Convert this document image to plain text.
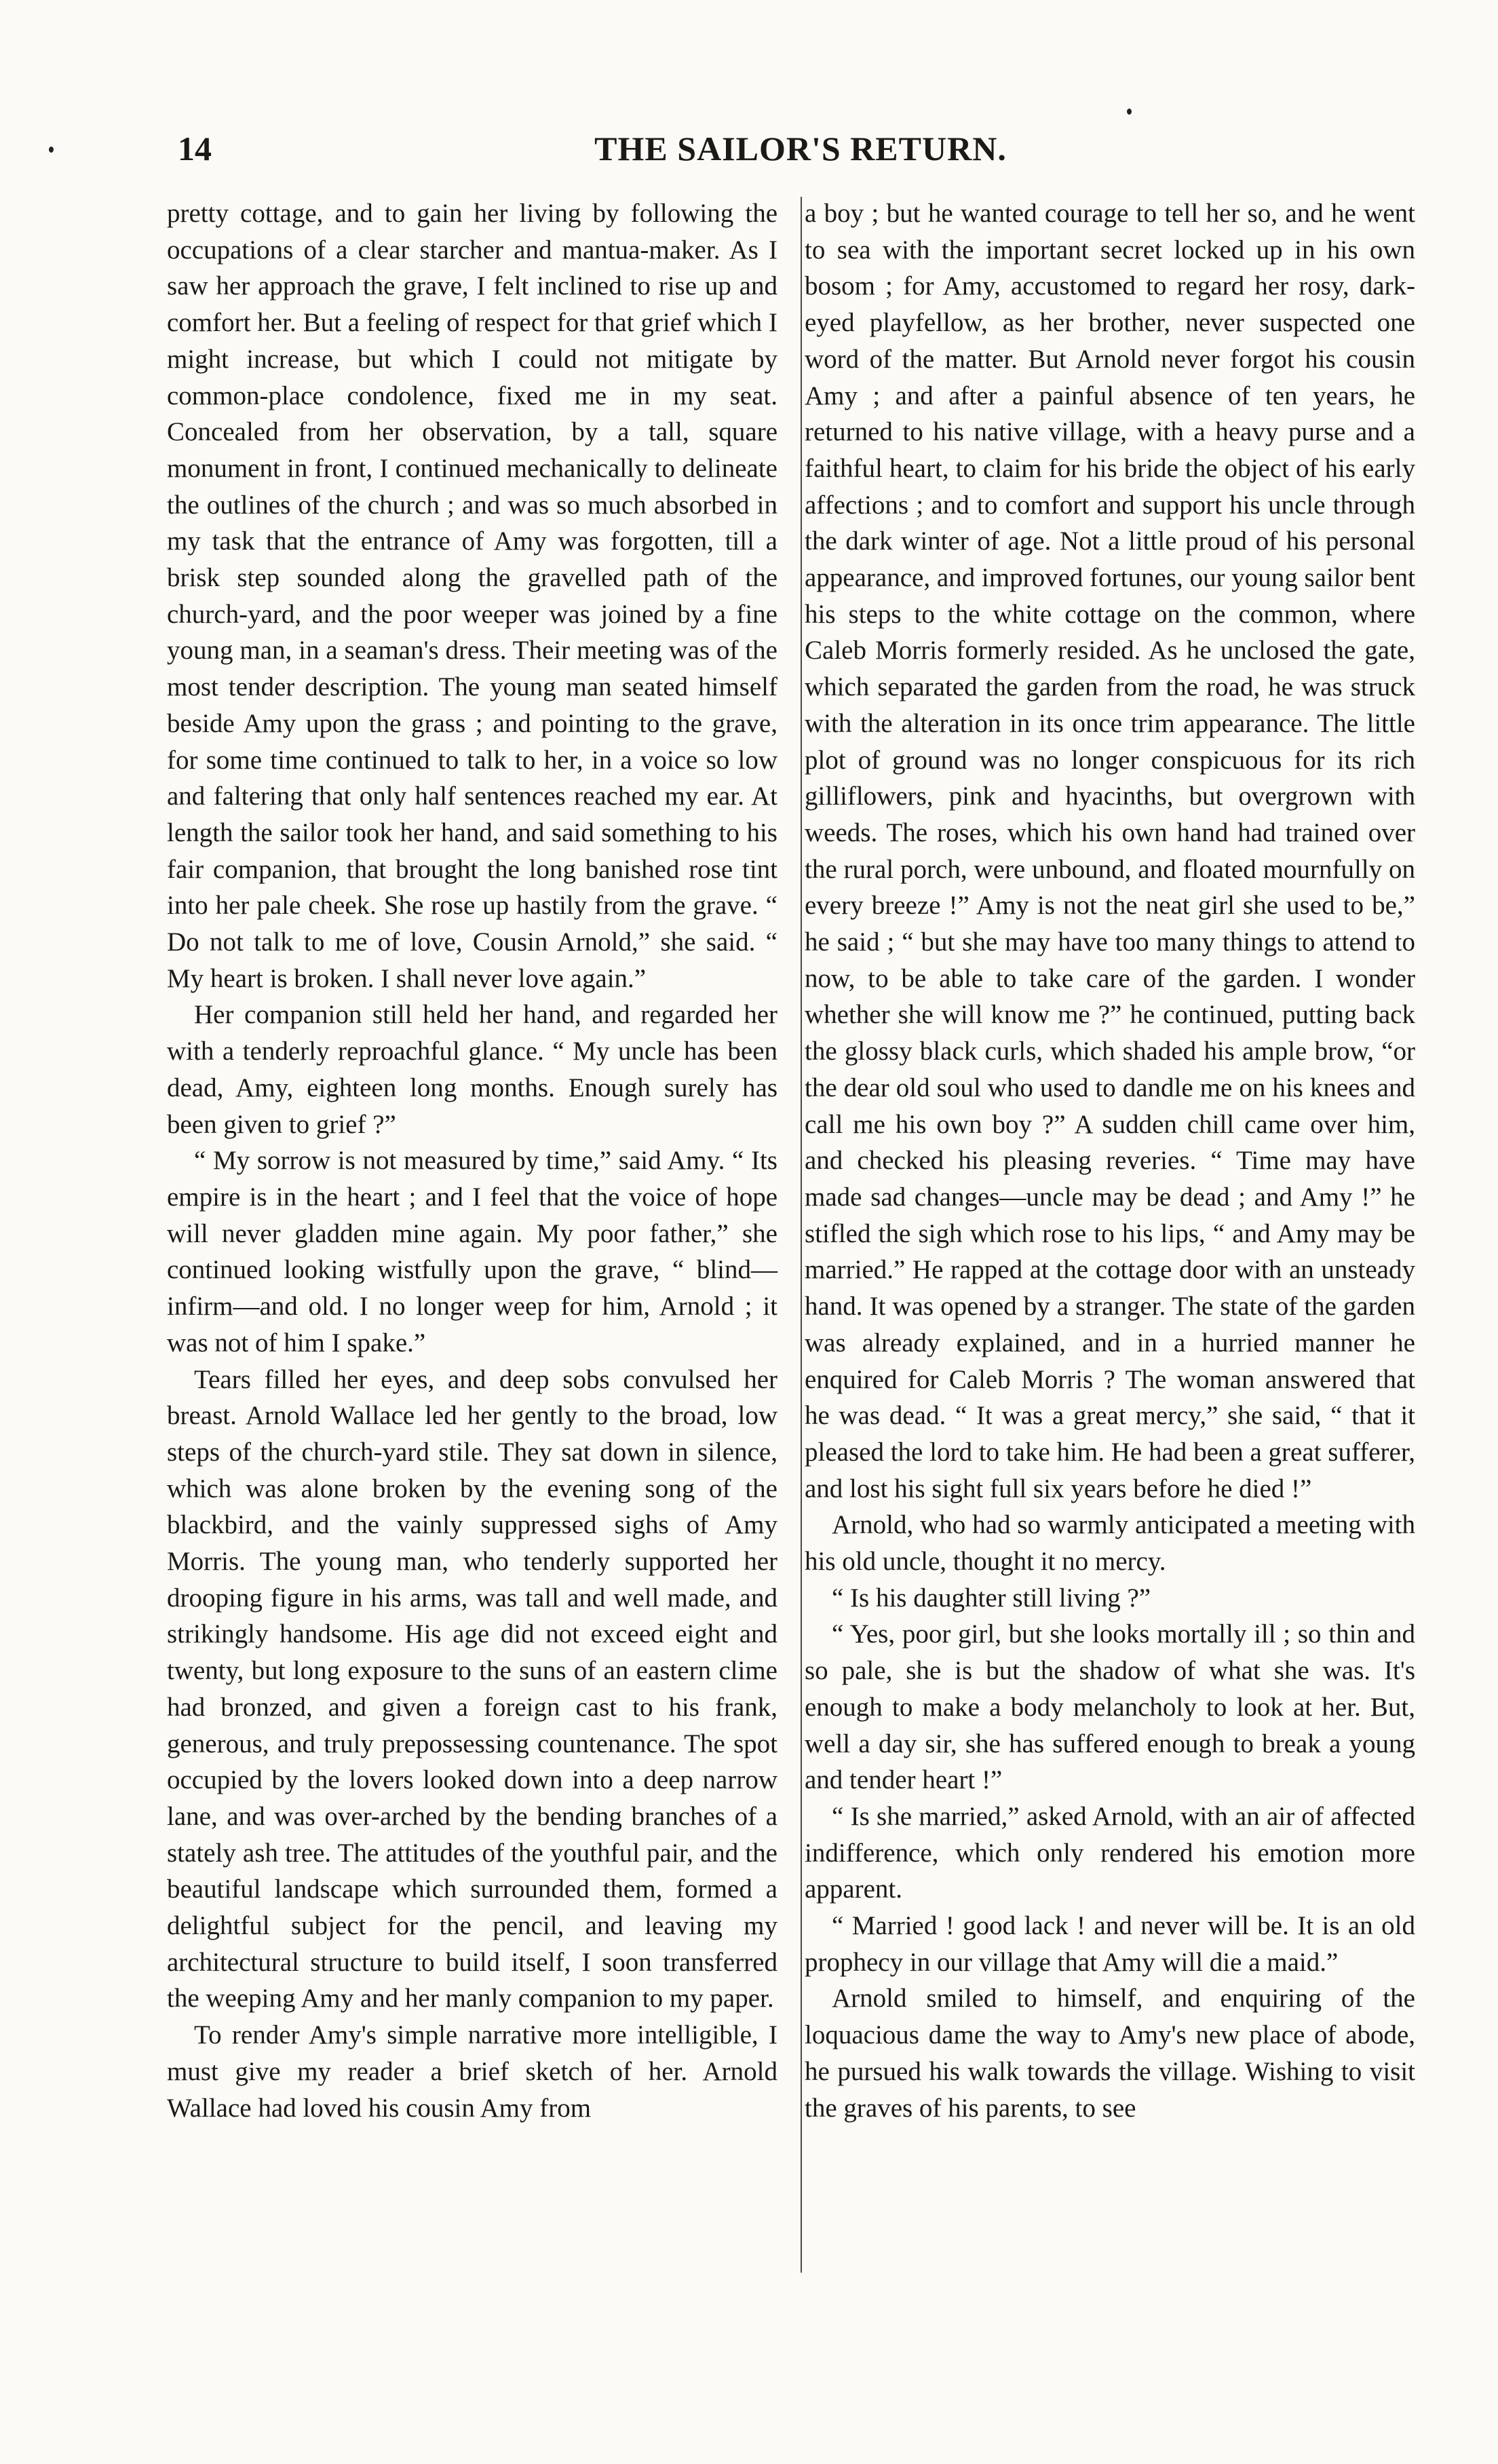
14	THE SAILOR'S RETURN.

pretty cottage, and to gain her living by following the occupations of a clear starcher and mantua-maker. As I saw her approach the grave, I felt inclined to rise up and comfort her. But a feeling of respect for that grief which I might increase, but which I could not mitigate by common-place condolence, fixed me in my seat. Concealed from her observation, by a tall, square monument in front, I continued mechanically to delineate the outlines of the church ; and was so much absorbed in my task that the entrance of Amy was forgotten, till a brisk step sounded along the gravelled path of the church-yard, and the poor weeper was joined by a fine young man, in a seaman's dress. Their meeting was of the most tender description. The young man seated himself beside Amy upon the grass ; and pointing to the grave, for some time continued to talk to her, in a voice so low and faltering that only half sentences reached my ear. At length the sailor took her hand, and said something to his fair companion, that brought the long banished rose tint into her pale cheek. She rose up hastily from the grave. “ Do not talk to me of love, Cousin Arnold,” she said. “ My heart is broken. I shall never love again.”

Her companion still held her hand, and regarded her with a tenderly reproachful glance. “ My uncle has been dead, Amy, eighteen long months. Enough surely has been given to grief ?”

“ My sorrow is not measured by time,” said Amy. “ Its empire is in the heart ; and I feel that the voice of hope will never gladden mine again. My poor father,” she continued looking wistfully upon the grave, “ blind—infirm—and old. I no longer weep for him, Arnold ; it was not of him I spake.”

Tears filled her eyes, and deep sobs convulsed her breast. Arnold Wallace led her gently to the broad, low steps of the church-yard stile. They sat down in silence, which was alone broken by the evening song of the blackbird, and the vainly suppressed sighs of Amy Morris. The young man, who tenderly supported her drooping figure in his arms, was tall and well made, and strikingly handsome. His age did not exceed eight and twenty, but long exposure to the suns of an eastern clime had bronzed, and given a foreign cast to his frank, generous, and truly prepossessing countenance. The spot occupied by the lovers looked down into a deep narrow lane, and was over-arched by the bending branches of a stately ash tree. The attitudes of the youthful pair, and the beautiful landscape which surrounded them, formed a delightful subject for the pencil, and leaving my architectural structure to build itself, I soon transferred the weeping Amy and her manly companion to my paper.

To render Amy's simple narrative more intelligible, I must give my reader a brief sketch of her. Arnold Wallace had loved his cousin Amy from

a boy ; but he wanted courage to tell her so, and he went to sea with the important secret locked up in his own bosom ; for Amy, accustomed to regard her rosy, dark-eyed playfellow, as her brother, never suspected one word of the matter. But Arnold never forgot his cousin Amy ; and after a painful absence of ten years, he returned to his native village, with a heavy purse and a faithful heart, to claim for his bride the object of his early affections ; and to comfort and support his uncle through the dark winter of age. Not a little proud of his personal appearance, and improved fortunes, our young sailor bent his steps to the white cottage on the common, where Caleb Morris formerly resided. As he unclosed the gate, which separated the garden from the road, he was struck with the alteration in its once trim appearance. The little plot of ground was no longer conspicuous for its rich gilliflowers, pink and hyacinths, but overgrown with weeds. The roses, which his own hand had trained over the rural porch, were unbound, and floated mournfully on every breeze !” Amy is not the neat girl she used to be,” he said ; “ but she may have too many things to attend to now, to be able to take care of the garden. I wonder whether she will know me ?” he continued, putting back the glossy black curls, which shaded his ample brow, “or the dear old soul who used to dandle me on his knees and call me his own boy ?” A sudden chill came over him, and checked his pleasing reveries. “ Time may have made sad changes—uncle may be dead ; and Amy !” he stifled the sigh which rose to his lips, “ and Amy may be married.” He rapped at the cottage door with an unsteady hand. It was opened by a stranger. The state of the garden was already explained, and in a hurried manner he enquired for Caleb Morris ? The woman answered that he was dead. “ It was a great mercy,” she said, “ that it pleased the lord to take him. He had been a great sufferer, and lost his sight full six years before he died !”

Arnold, who had so warmly anticipated a meeting with his old uncle, thought it no mercy.

“ Is his daughter still living ?”

“ Yes, poor girl, but she looks mortally ill ; so thin and so pale, she is but the shadow of what she was. It's enough to make a body melancholy to look at her. But, well a day sir, she has suffered enough to break a young and tender heart !”

“ Is she married,” asked Arnold, with an air of affected indifference, which only rendered his emotion more apparent.

“ Married ! good lack ! and never will be. It is an old prophecy in our village that Amy will die a maid.”

Arnold smiled to himself, and enquiring of the loquacious dame the way to Amy's new place of abode, he pursued his walk towards the village. Wishing to visit the graves of his parents, to see
